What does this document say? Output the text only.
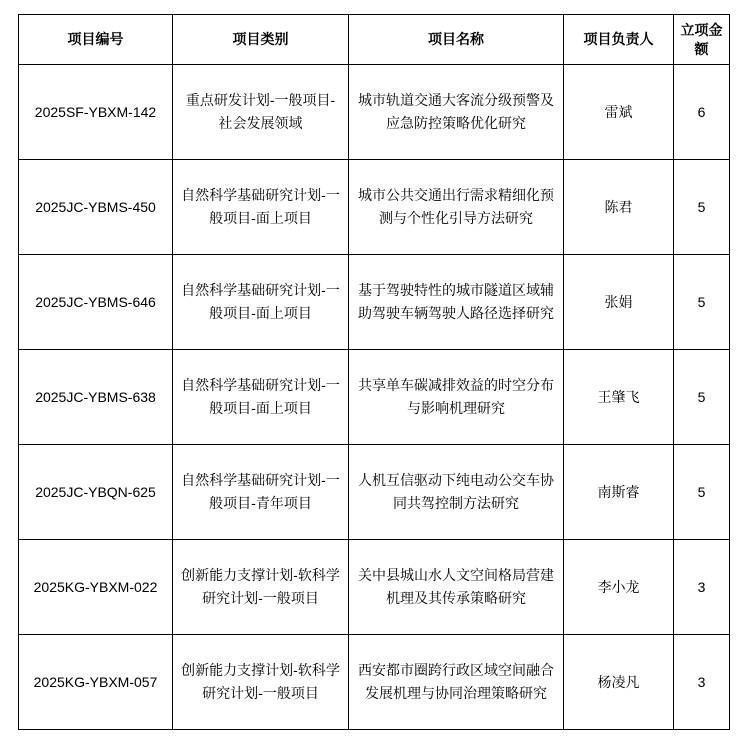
项目编号	项目类别	项目名称	项目负责人	立项金额
2025SF-YBXM-142	重点研发计划-一般项目-社会发展领域	城市轨道交通大客流分级预警及应急防控策略优化研究	雷斌	6
2025JC-YBMS-450	自然科学基础研究计划-一般项目-面上项目	城市公共交通出行需求精细化预测与个性化引导方法研究	陈君	5
2025JC-YBMS-646	自然科学基础研究计划-一般项目-面上项目	基于驾驶特性的城市隧道区域辅助驾驶车辆驾驶人路径选择研究	张娟	5
2025JC-YBMS-638	自然科学基础研究计划-一般项目-面上项目	共享单车碳减排效益的时空分布与影响机理研究	王肇飞	5
2025JC-YBQN-625	自然科学基础研究计划-一般项目-青年项目	人机互信驱动下纯电动公交车协同共驾控制方法研究	南斯睿	5
2025KG-YBXM-022	创新能力支撑计划-软科学研究计划-一般项目	关中县城山水人文空间格局营建机理及其传承策略研究	李小龙	3
2025KG-YBXM-057	创新能力支撑计划-软科学研究计划-一般项目	西安都市圈跨行政区域空间融合发展机理与协同治理策略研究	杨凌凡	3
